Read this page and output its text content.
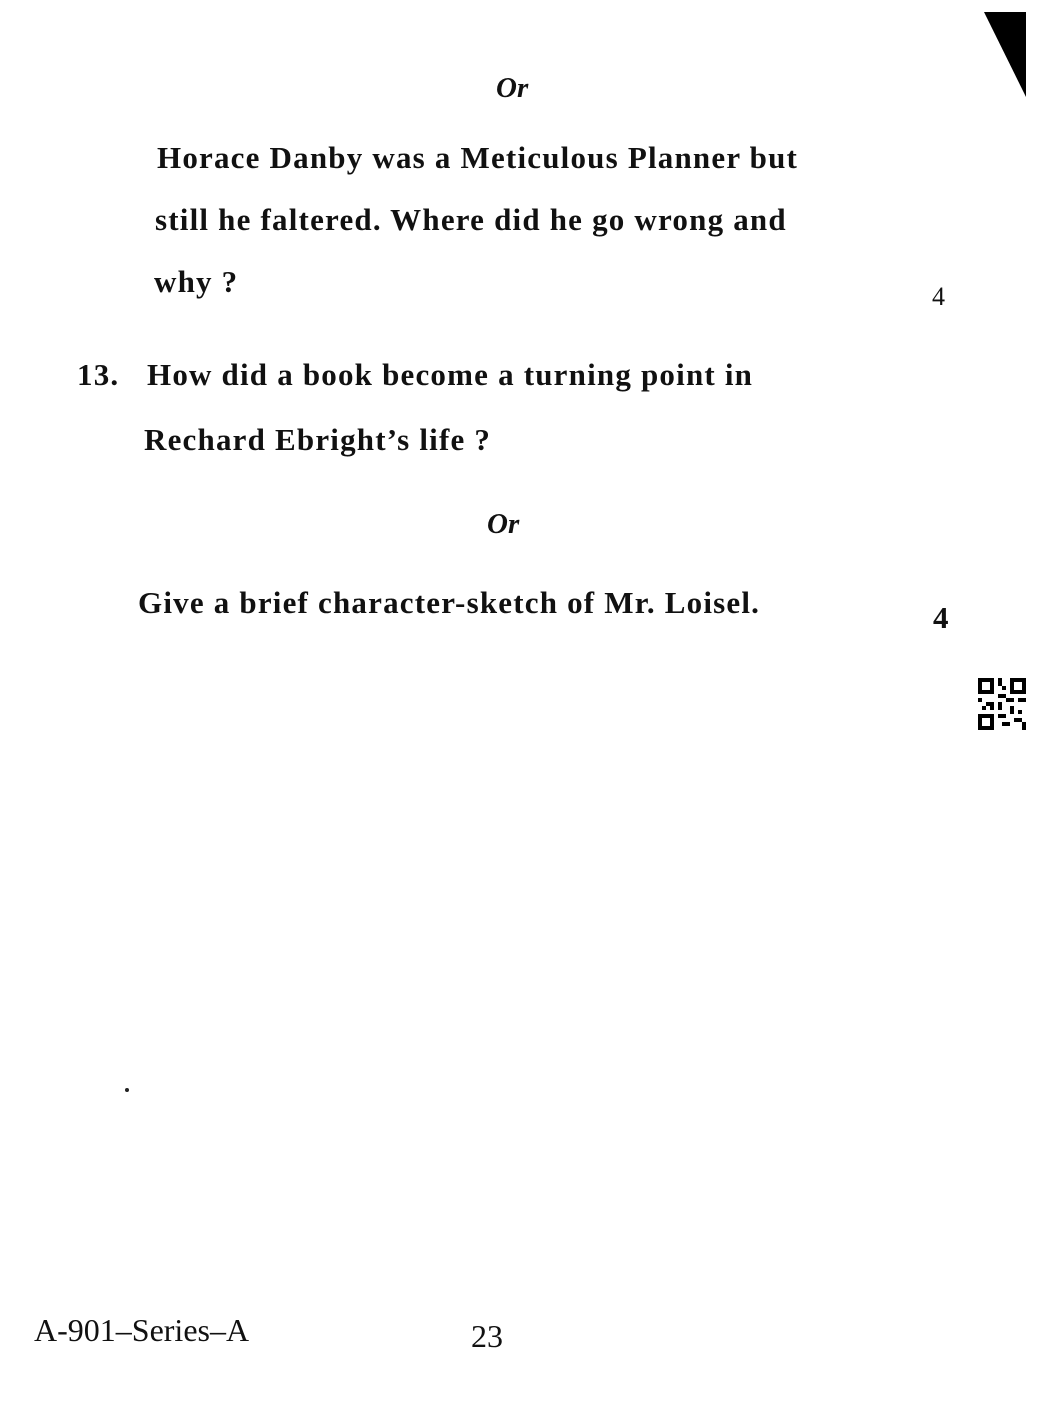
Or
Horace Danby was a Meticulous Planner but
still he faltered. Where did he go wrong and
why ?	4
13. How did a book become a turning point in
Rechard Ebright’s life ?
Or
Give a brief character-sketch of Mr. Loisel.	4
A-901–Series–A	23
